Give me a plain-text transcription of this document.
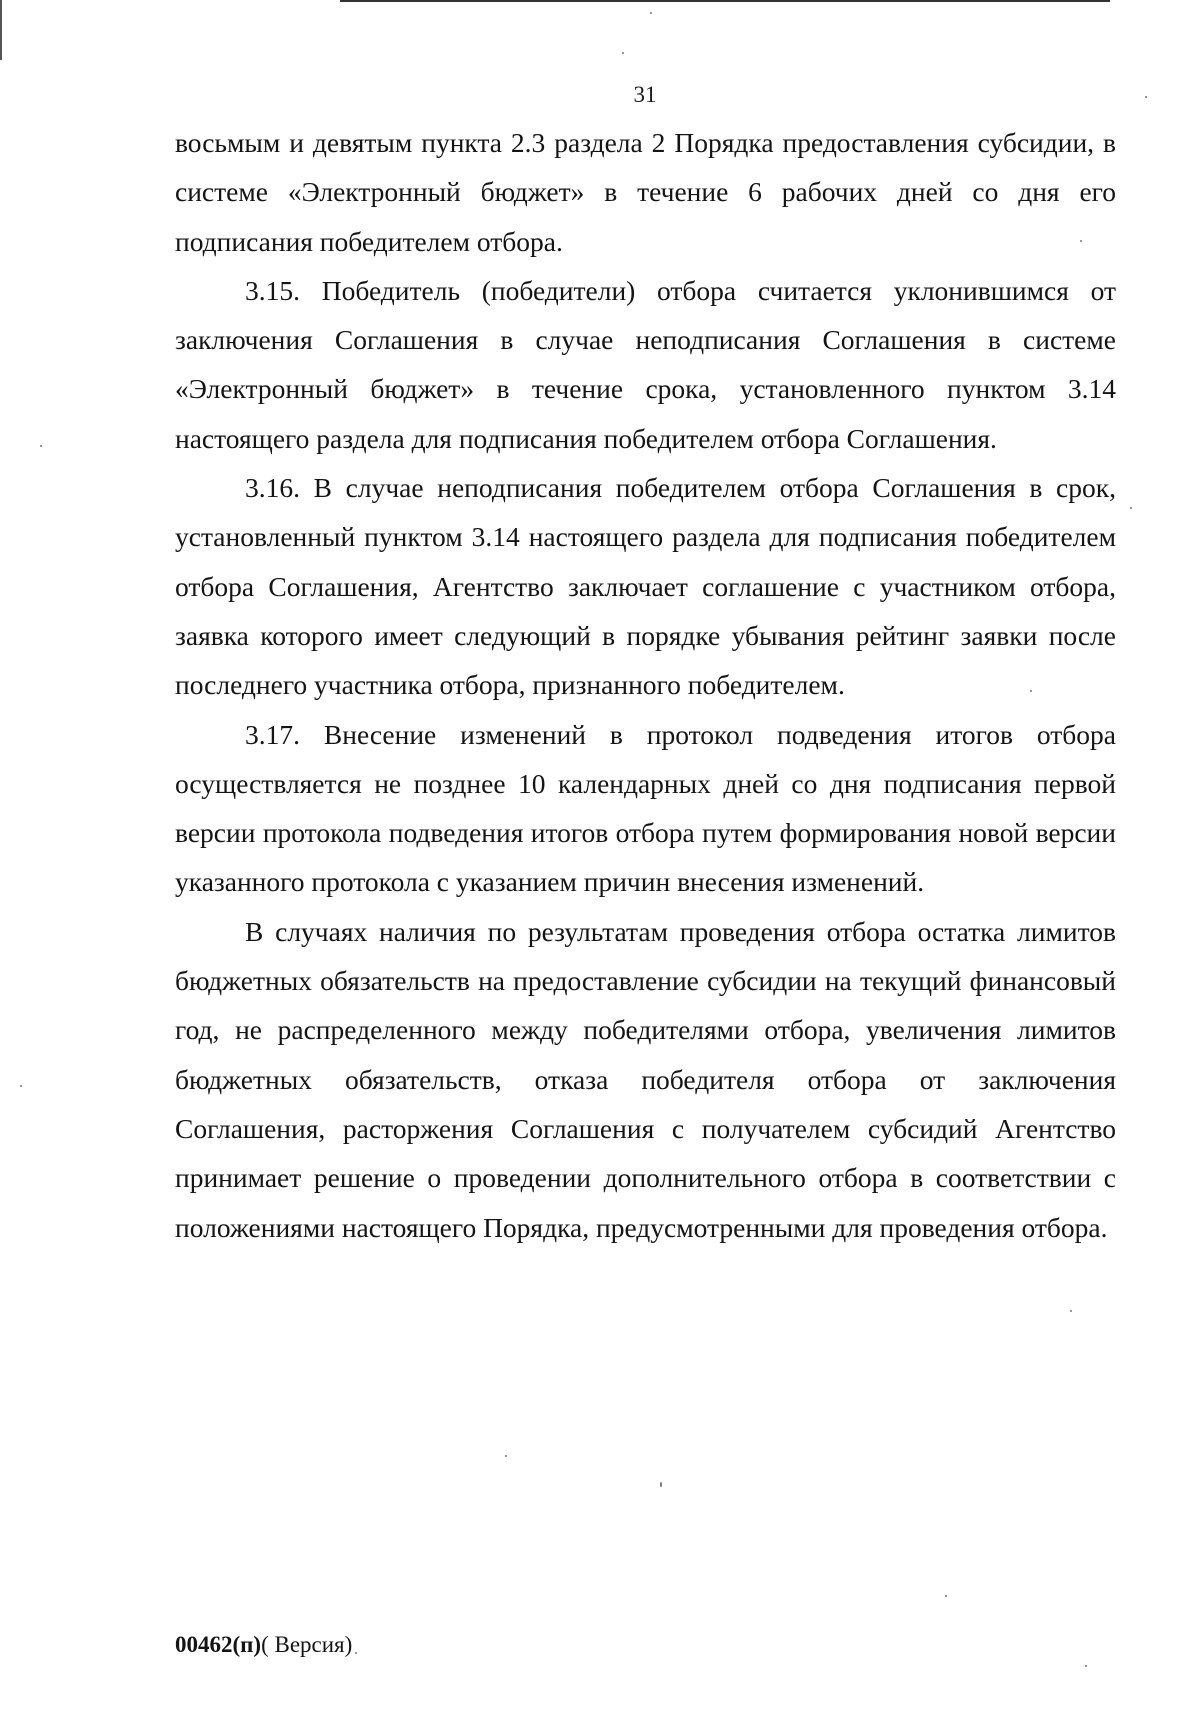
31

восьмым и девятым пункта 2.3 раздела 2 Порядка предоставления субсидии, в системе «Электронный бюджет» в течение 6 рабочих дней со дня его подписания победителем отбора.

3.15. Победитель (победители) отбора считается уклонившимся от заключения Соглашения в случае неподписания Соглашения в системе «Электронный бюджет» в течение срока, установленного пунктом 3.14 настоящего раздела для подписания победителем отбора Соглашения.

3.16. В случае неподписания победителем отбора Соглашения в срок, установленный пунктом 3.14 настоящего раздела для подписания победителем отбора Соглашения, Агентство заключает соглашение с участником отбора, заявка которого имеет следующий в порядке убывания рейтинг заявки после последнего участника отбора, признанного победителем.

3.17. Внесение изменений в протокол подведения итогов отбора осуществляется не позднее 10 календарных дней со дня подписания первой версии протокола подведения итогов отбора путем формирования новой версии указанного протокола с указанием причин внесения изменений.

В случаях наличия по результатам проведения отбора остатка лимитов бюджетных обязательств на предоставление субсидии на текущий финансовый год, не распределенного между победителями отбора, увеличения лимитов бюджетных обязательств, отказа победителя отбора от заключения Соглашения, расторжения Соглашения с получателем субсидий Агентство принимает решение о проведении дополнительного отбора в соответствии с положениями настоящего Порядка, предусмотренными для проведения отбора.

00462(п)( Версия)
